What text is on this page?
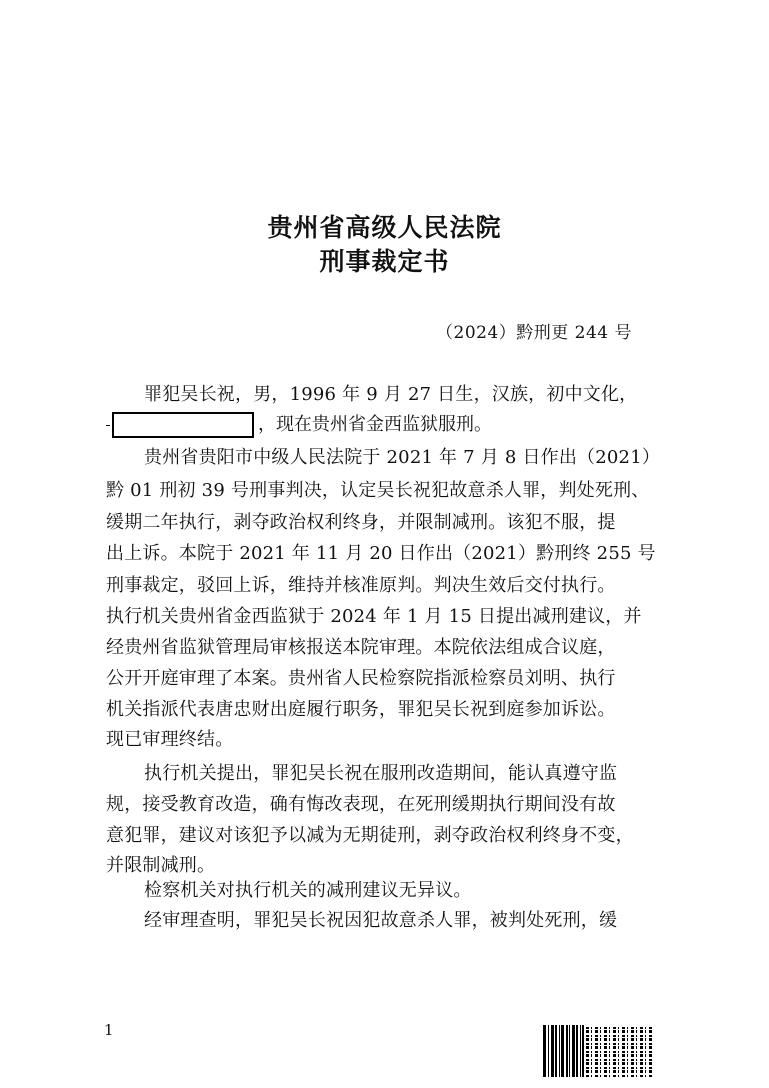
贵州省高级人民法院
刑事裁定书
（2024）黔刑更 244 号
罪犯吴长祝，男，1996 年 9 月 27 日生，汉族，初中文化，
，现在贵州省金西监狱服刑。
贵州省贵阳市中级人民法院于 2021 年 7 月 8 日作出（2021）
黔 01 刑初 39 号刑事判决，认定吴长祝犯故意杀人罪，判处死刑、
缓期二年执行，剥夺政治权利终身，并限制减刑。该犯不服，提
出上诉。本院于 2021 年 11 月 20 日作出（2021）黔刑终 255 号
刑事裁定，驳回上诉，维持并核准原判。判决生效后交付执行。
执行机关贵州省金西监狱于 2024 年 1 月 15 日提出减刑建议，并
经贵州省监狱管理局审核报送本院审理。本院依法组成合议庭，
公开开庭审理了本案。贵州省人民检察院指派检察员刘明、执行
机关指派代表唐忠财出庭履行职务，罪犯吴长祝到庭参加诉讼。
现已审理终结。
执行机关提出，罪犯吴长祝在服刑改造期间，能认真遵守监
规，接受教育改造，确有悔改表现，在死刑缓期执行期间没有故
意犯罪，建议对该犯予以减为无期徒刑，剥夺政治权利终身不变，
并限制减刑。
检察机关对执行机关的减刑建议无异议。
经审理查明，罪犯吴长祝因犯故意杀人罪，被判处死刑，缓
1
